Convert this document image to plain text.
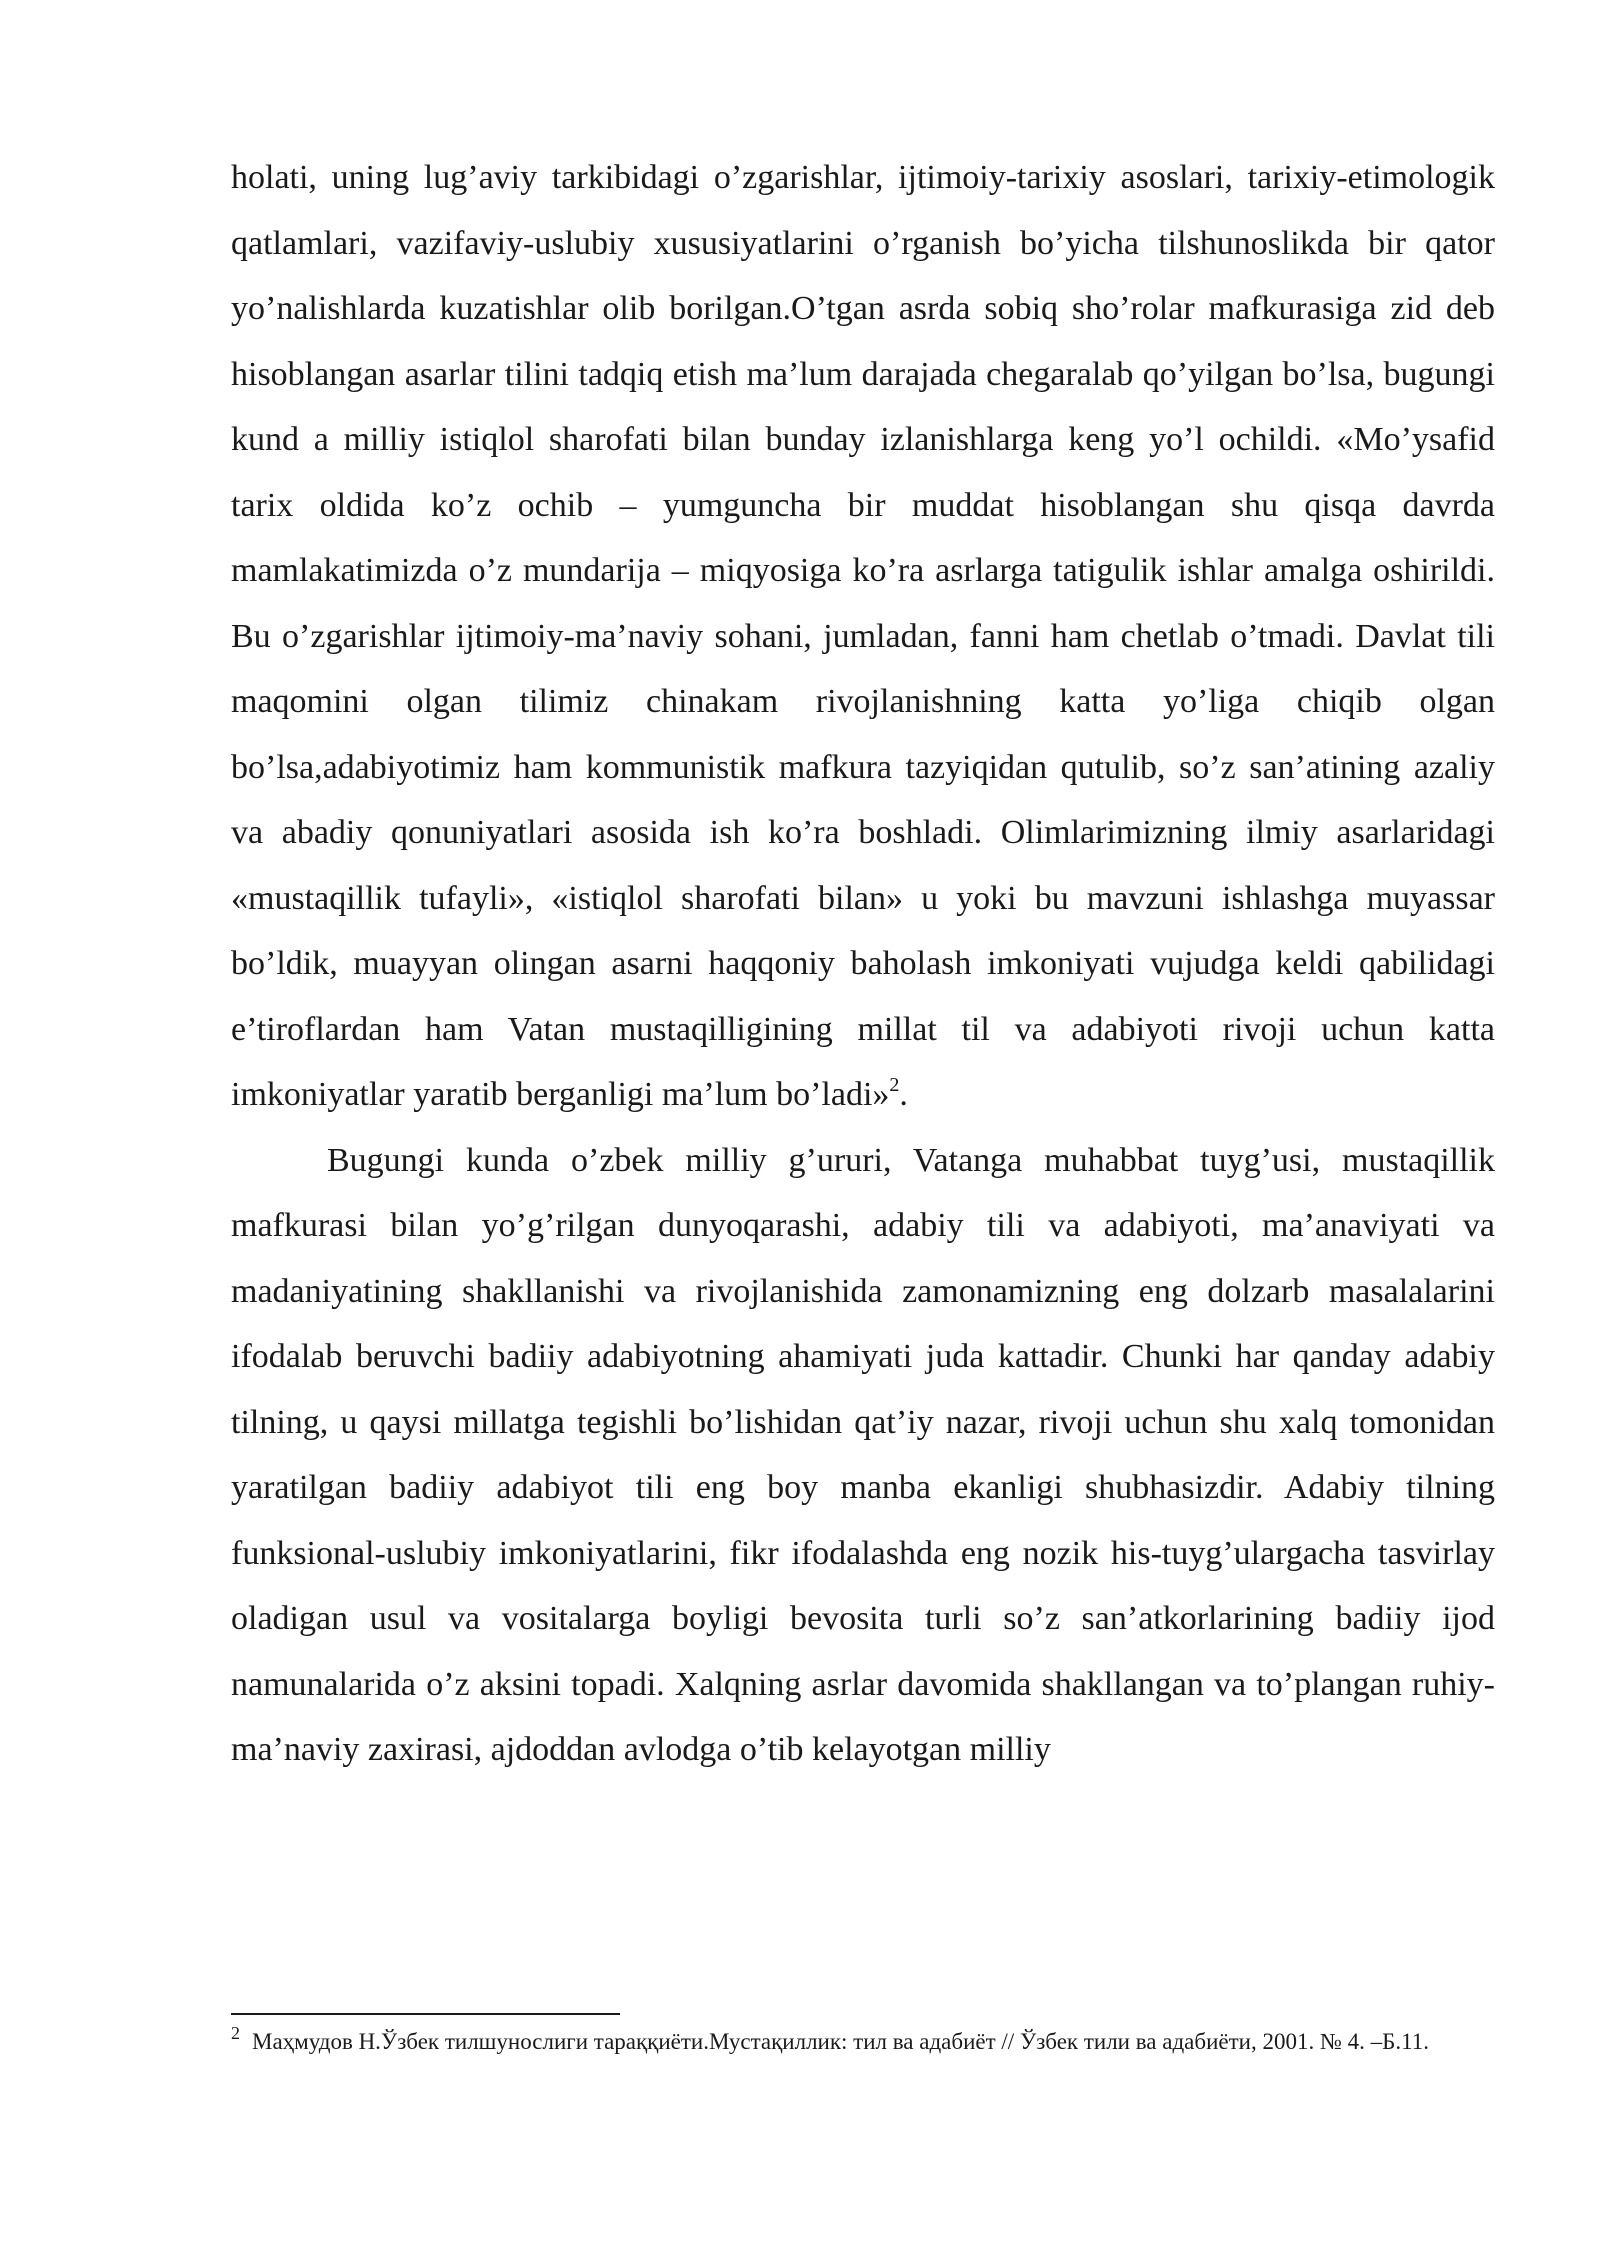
holati, uning lug’aviy tarkibidagi o’zgarishlar, ijtimoiy-tarixiy asoslari, tarixiy-etimologik qatlamlari, vazifaviy-uslubiy xususiyatlarini o’rganish bo’yicha tilshunoslikda bir qator yo’nalishlarda kuzatishlar olib borilgan.O’tgan asrda sobiq sho’rolar mafkurasiga zid deb hisoblangan asarlar tilini tadqiq etish ma’lum darajada chegaralab qo’yilgan bo’lsa, bugungi kund a milliy istiqlol sharofati bilan bunday izlanishlarga keng yo’l ochildi. «Mo’ysafid tarix oldida ko’z ochib – yumguncha bir muddat hisoblangan shu qisqa davrda mamlakatimizda o’z mundarija – miqyosiga ko’ra asrlarga tatigulik ishlar amalga oshirildi. Bu o’zgarishlar ijtimoiy-ma’naviy sohani, jumladan, fanni ham chetlab o’tmadi. Davlat tili maqomini olgan tilimiz chinakam rivojlanishning katta yo’liga chiqib olgan bo’lsa,adabiyotimiz ham kommunistik mafkura tazyiqidan qutulib, so’z san’atining azaliy va abadiy qonuniyatlari asosida ish ko’ra boshladi. Olimlarimizning ilmiy asarlaridagi «mustaqillik tufayli», «istiqlol sharofati bilan» u yoki bu mavzuni ishlashga muyassar bo’ldik, muayyan olingan asarni haqqoniy baholash imkoniyati vujudga keldi qabilidagi e’tiroflardan ham Vatan mustaqilligining millat til va adabiyoti rivoji uchun katta imkoniyatlar yaratib berganligi ma’lum bo’ladi»$^2$.

Bugungi kunda o’zbek milliy g’ururi, Vatanga muhabbat tuyg’usi, mustaqillik mafkurasi bilan yo’g’rilgan dunyoqarashi, adabiy tili va adabiyoti, ma’anaviyati va madaniyatining shakllanishi va rivojlanishida zamonamizning eng dolzarb masalalarini ifodalab beruvchi badiiy adabiyotning ahamiyati juda kattadir. Chunki har qanday adabiy tilning, u qaysi millatga tegishli bo’lishidan qat’iy nazar, rivoji uchun shu xalq tomonidan yaratilgan badiiy adabiyot tili eng boy manba ekanligi shubhasizdir. Adabiy tilning funksional-uslubiy imkoniyatlarini, fikr ifodalashda eng nozik his-tuyg’ulargacha tasvirlay oladigan usul va vositalarga boyligi bevosita turli so’z san’atkorlarining badiiy ijod namunalarida o’z aksini topadi. Xalqning asrlar davomida shakllangan va to’plangan ruhiy-ma’naviy zaxirasi, ajdoddan avlodga o’tib kelayotgan milliy

$^2$ Маҳмудов Н.Ўзбек тилшунослиги тараққиёти.Мустақиллик: тил ва адабиёт // Ўзбек тили ва адабиёти, 2001. № 4. –Б.11.
